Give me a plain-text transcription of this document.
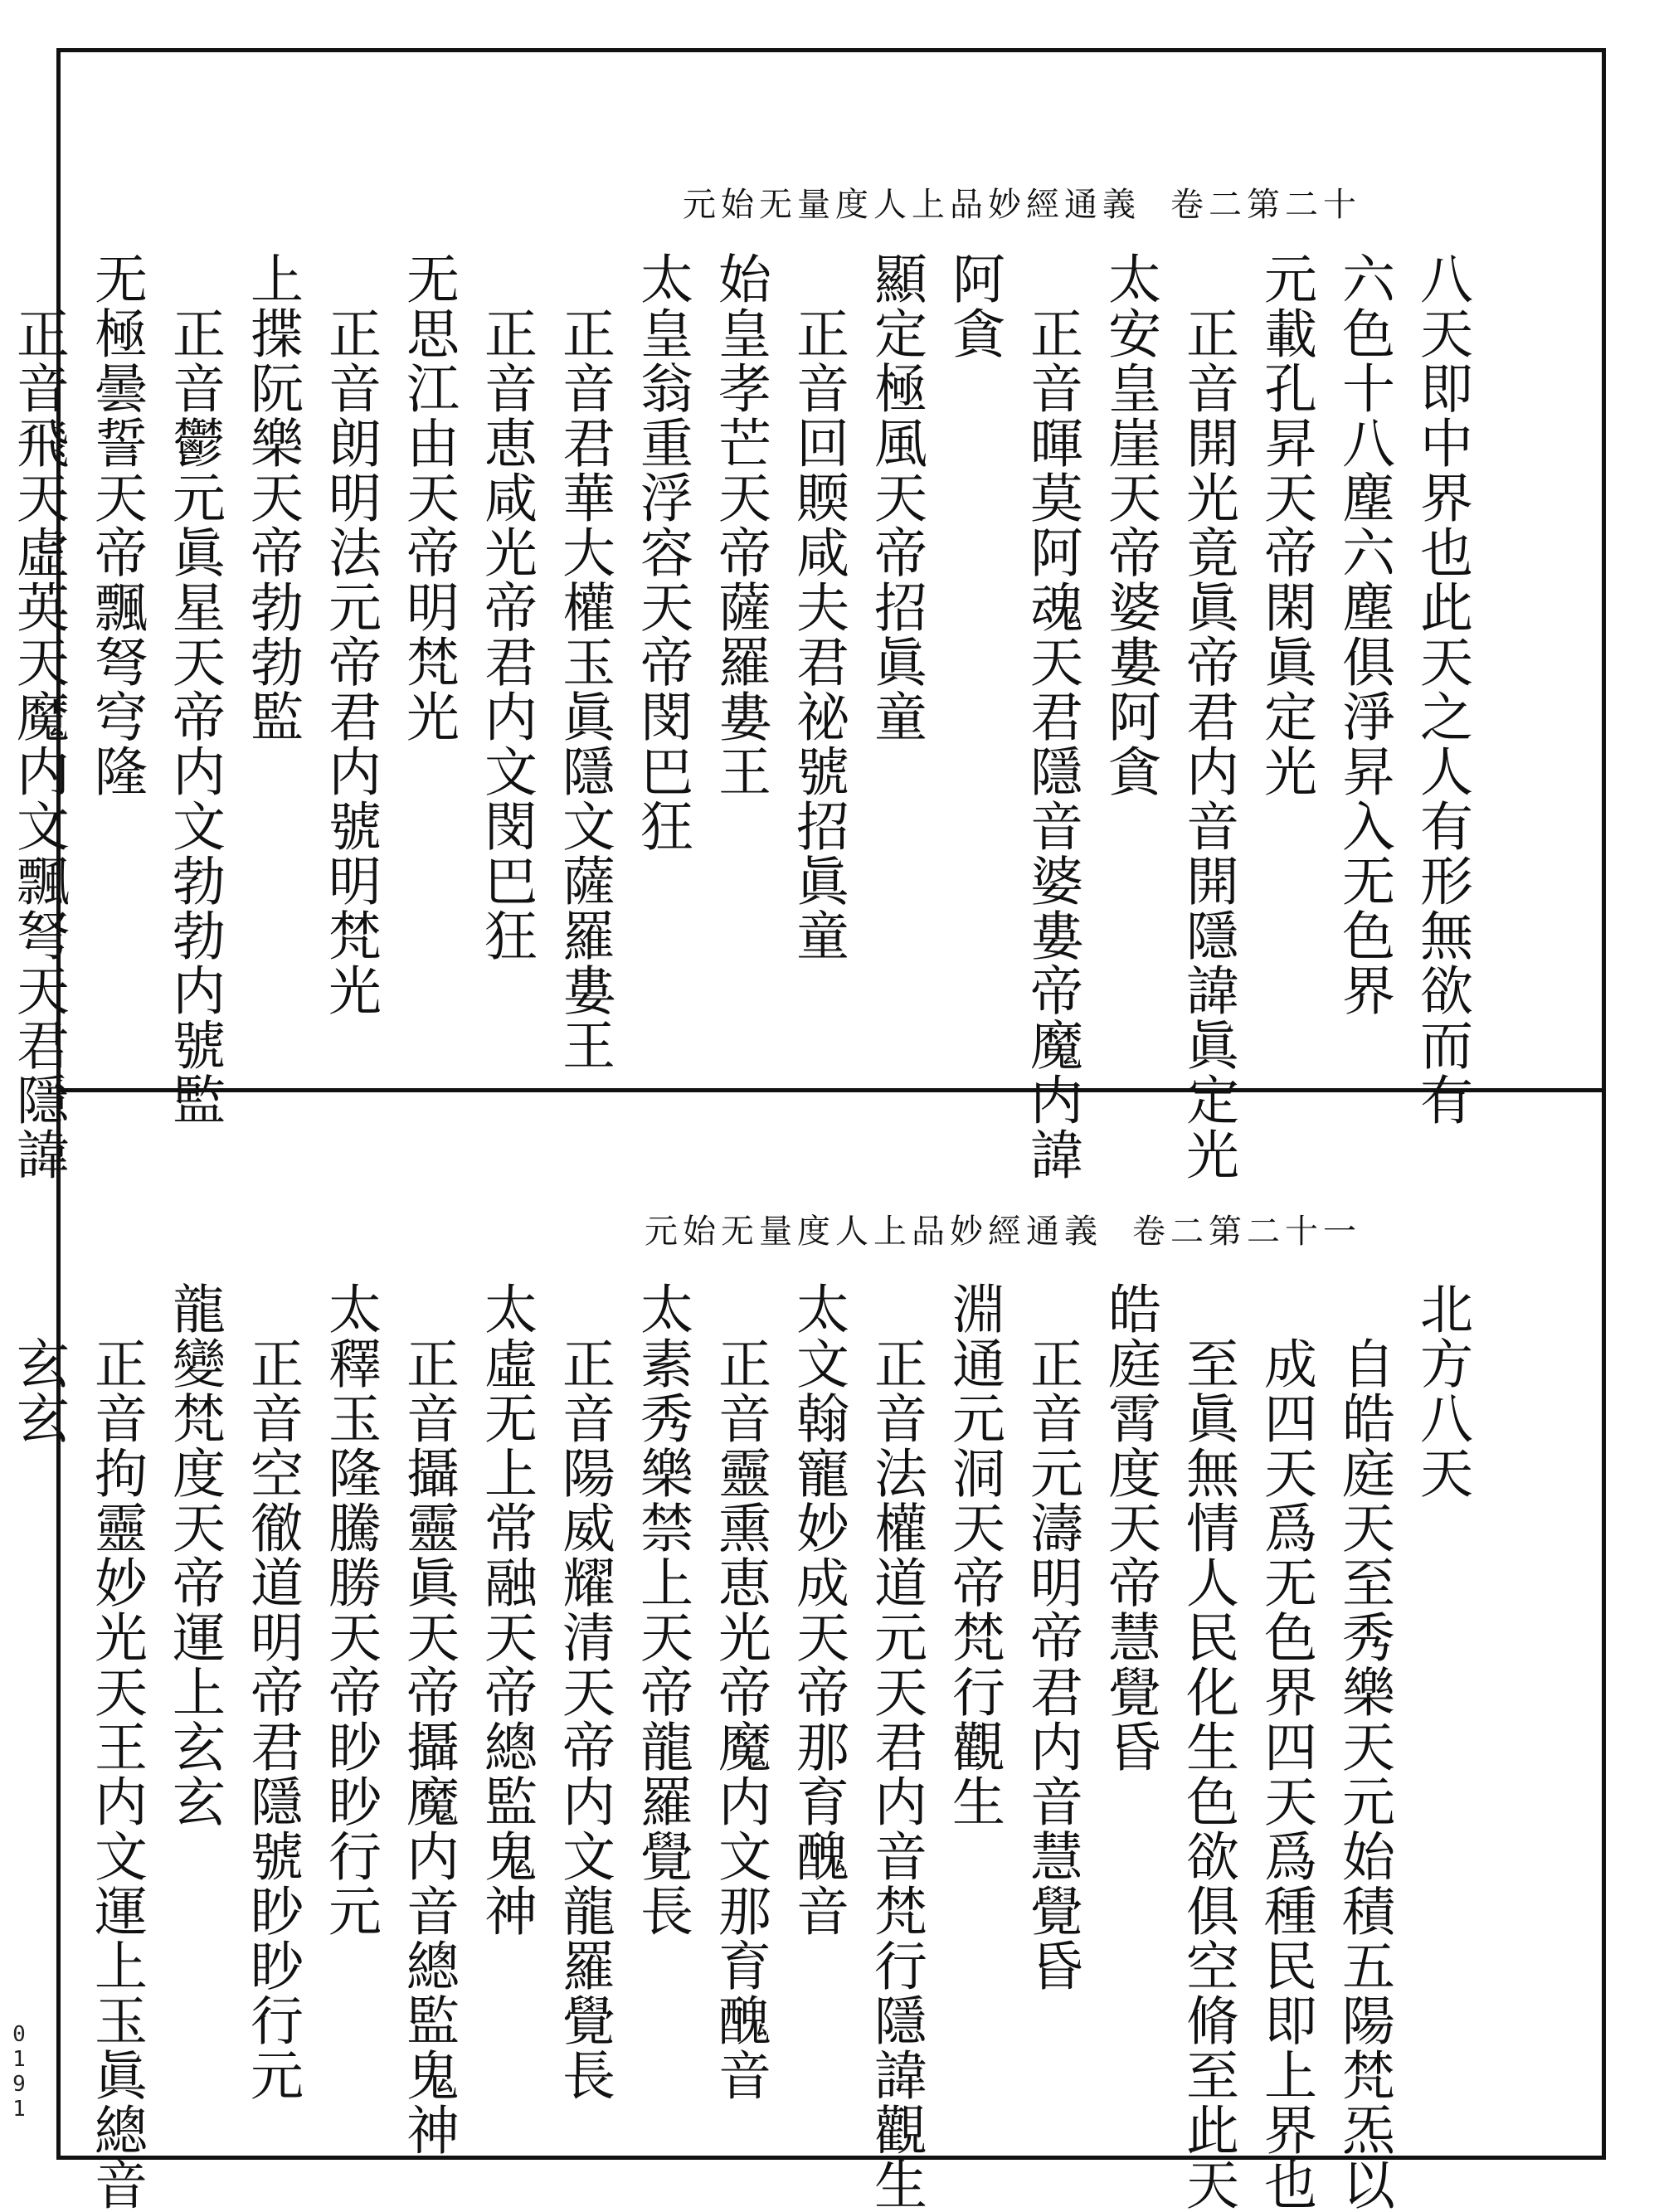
元始无量度人上品妙經通義 卷二第二十
八天即中界也此天之人有形無欲而有
六色十八塵六塵俱淨昇入无色界
元載孔昇天帝閑眞定光
　正音開光竟眞帝君内音開隱諱眞定光
太安皇崖天帝婆婁阿貪
　正音暉莫阿魂天君隱音婆婁帝魔内諱
阿貪
顯定極風天帝招眞童
　正音回䞂咸夫君祕號招眞童
始皇孝芒天帝薩羅婁王
太皇翁重浮容天帝閔巴狂
　正音君華大權玉眞隱文薩羅婁王
　正音恵咸光帝君内文閔巴狂
无思江由天帝明梵光
　正音朗明法元帝君内號明梵光
上揲阮樂天帝勃勃監
　正音鬱元眞星天帝内文勃勃内號監
无極曇誓天帝飄弩穹隆
　正音飛天虛英天魔内文飄弩天君隱諱
元始无量度人上品妙經通義 卷二第二十一
北方八天
　自皓庭天至秀樂天元始積五陽梵炁以
　成四天爲无色界四天爲種民即上界也
　至眞無情人民化生色欲俱空脩至此天
皓庭霄度天帝慧覺昏
　正音元濤明帝君内音慧覺昏
淵通元洞天帝梵行觀生
　正音法權道元天君内音梵行隱諱觀生
太文翰寵妙成天帝那育醜音
　正音靈熏恵光帝魔内文那育醜音
太素秀樂禁上天帝龍羅覺長
　正音陽威耀清天帝内文龍羅覺長
太虛无上常融天帝總監鬼神
　正音攝靈眞天帝攝魔内音總監鬼神
太釋玉隆騰勝天帝眇眇行元
　正音空徹道明帝君隱號眇眇行元
龍變梵度天帝運上玄玄
　正音拘靈妙光天王内文運上玉眞總音
　玄玄
0191
